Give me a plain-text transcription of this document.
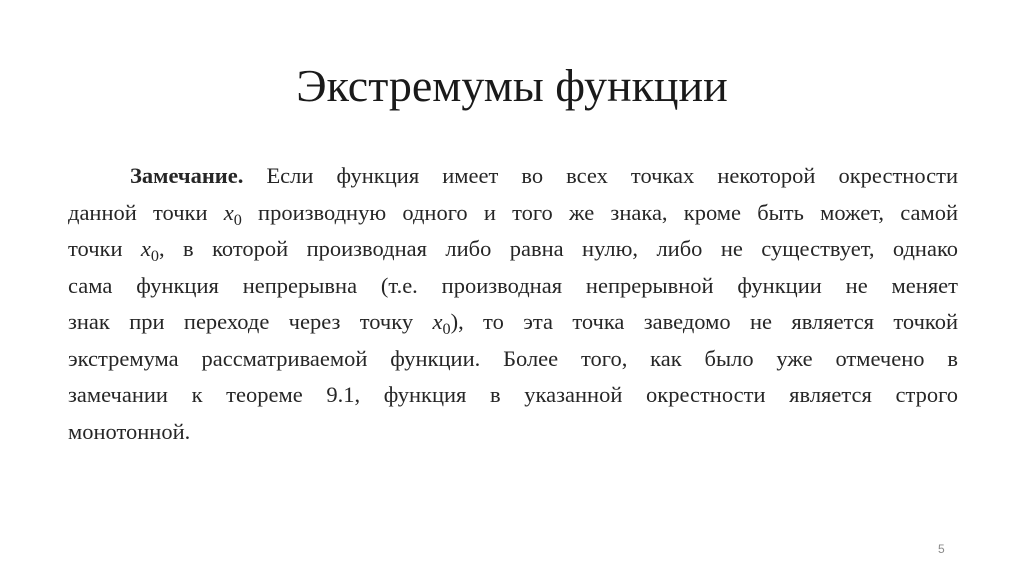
Экстремумы функции
Замечание. Если функция имеет во всех точках некоторой окрестности
данной точки $x_0$ производную одного и того же знака, кроме быть может, самой
точки $x_0$, в которой производная либо равна нулю, либо не существует, однако
сама функция непрерывна (т.е. производная непрерывной функции не меняет
знак при переходе через точку $x_0$), то эта точка заведомо не является точкой
экстремума рассматриваемой функции. Более того, как было уже отмечено в
замечании к теореме 9.1, функция в указанной окрестности является строго
монотонной.
5
